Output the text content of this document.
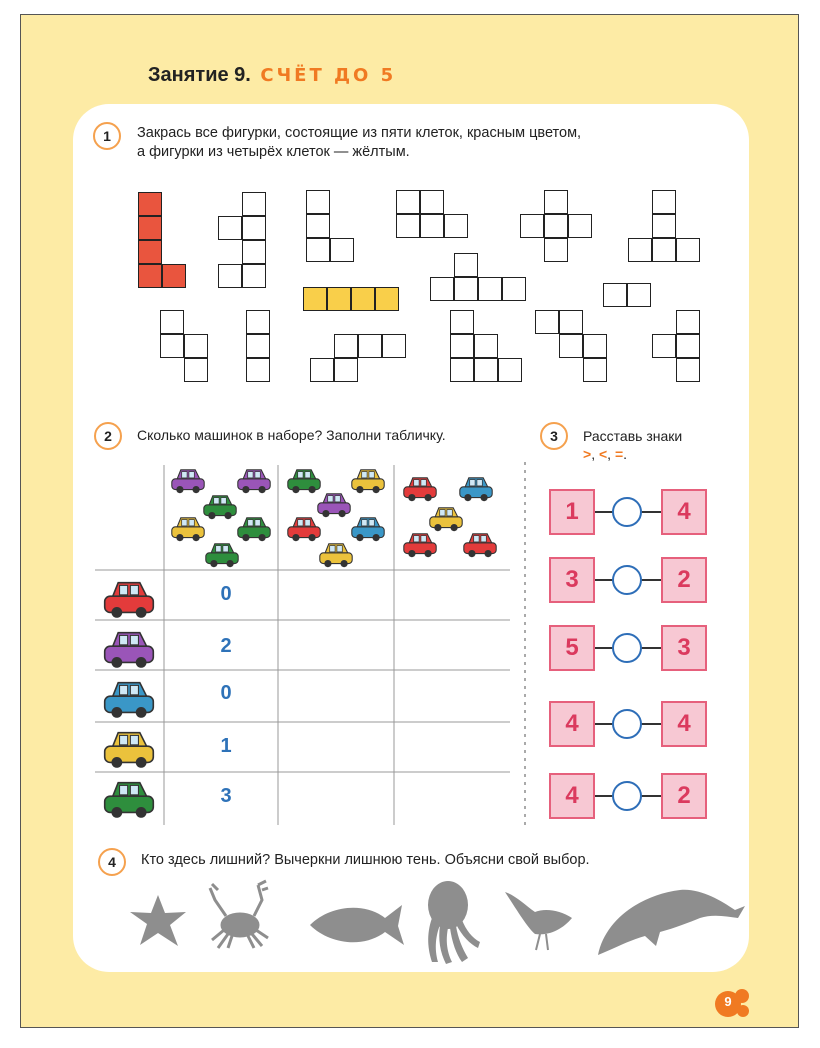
Занятие 9. СЧЁТ ДО 5
1	Закрась все фигурки, состоящие из пяти клеток, красным цветом,
а фигурки из четырёх клеток — жёлтым.
2	Сколько машинок в наборе? Заполни табличку.
0
2
0
1
3
3	Расставь знаки
>, <, =.
1	4
3	2
5	3
4	4
4	2
4	Кто здесь лишний? Вычеркни лишнюю тень. Объясни свой выбор.
9
